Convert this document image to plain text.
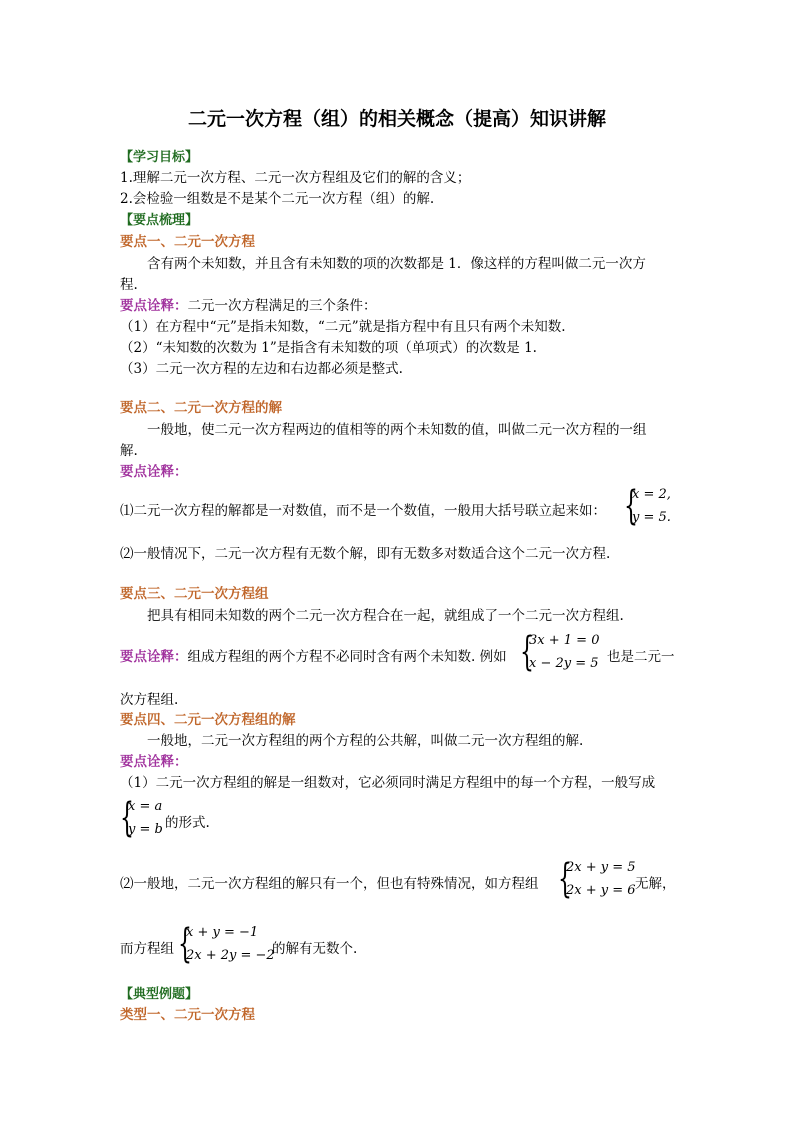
二元一次方程（组）的相关概念（提高）知识讲解
【学习目标】
1.理解二元一次方程、二元一次方程组及它们的解的含义；
2.会检验一组数是不是某个二元一次方程（组）的解.
【要点梳理】
要点一、二元一次方程
含有两个未知数，并且含有未知数的项的次数都是 1．像这样的方程叫做二元一次方
程.
要点诠释：二元一次方程满足的三个条件：
（1）在方程中“元”是指未知数，“二元”就是指方程中有且只有两个未知数.
（2）“未知数的次数为 1”是指含有未知数的项（单项式）的次数是 1.
（3）二元一次方程的左边和右边都必须是整式.
要点二、二元一次方程的解
一般地，使二元一次方程两边的值相等的两个未知数的值，叫做二元一次方程的一组
解.
要点诠释：
⑴二元一次方程的解都是一对数值，而不是一个数值，一般用大括号联立起来如： {
x = 2,
y = 5.
⑵一般情况下，二元一次方程有无数个解，即有无数多对数适合这个二元一次方程.
要点三、二元一次方程组
把具有相同未知数的两个二元一次方程合在一起，就组成了一个二元一次方程组.
要点诠释：组成方程组的两个方程不必同时含有两个未知数. 例如 {
3x + 1 = 0
x − 2y = 5 也是二元一
次方程组.
要点四、二元一次方程组的解
一般地，二元一次方程组的两个方程的公共解，叫做二元一次方程组的解.
要点诠释：
（1）二元一次方程组的解是一组数对，它必须同时满足方程组中的每一个方程，一般写成
{
x = a
y = b 的形式.
⑵一般地，二元一次方程组的解只有一个，但也有特殊情况，如方程组 {
2x + y = 5
2x + y = 6 无解，
而方程组 {
x + y = −1
2x + 2y = −2
的解有无数个.
【典型例题】
类型一、二元一次方程
